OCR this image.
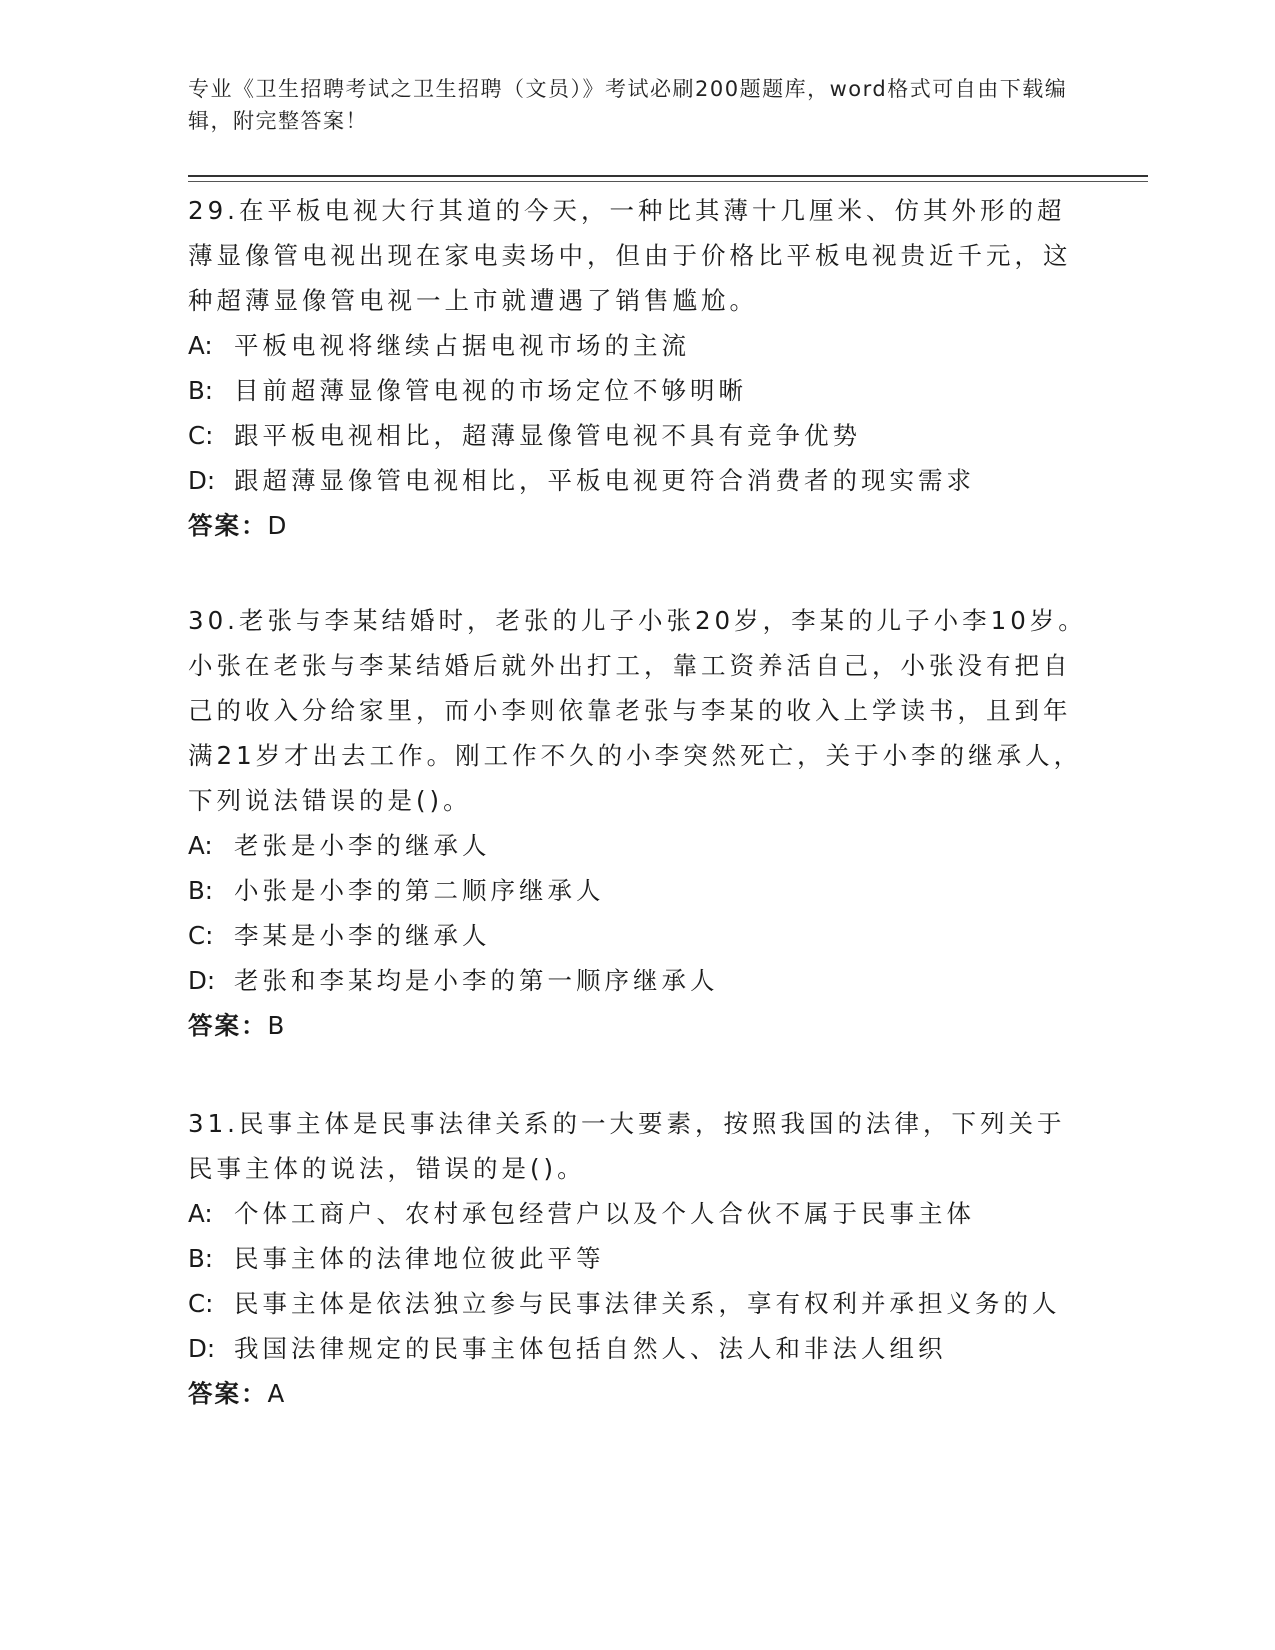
专业《卫生招聘考试之卫生招聘（文员）》考试必刷200题题库，word格式可自由下载编辑，附完整答案！

29.在平板电视大行其道的今天，一种比其薄十几厘米、仿其外形的超薄显像管电视出现在家电卖场中，但由于价格比平板电视贵近千元，这种超薄显像管电视一上市就遭遇了销售尴尬。

A: 平板电视将继续占据电视市场的主流

B: 目前超薄显像管电视的市场定位不够明晰

C: 跟平板电视相比，超薄显像管电视不具有竞争优势

D: 跟超薄显像管电视相比，平板电视更符合消费者的现实需求

答案：D

30.老张与李某结婚时，老张的儿子小张20岁，李某的儿子小李10岁。小张在老张与李某结婚后就外出打工，靠工资养活自己，小张没有把自己的收入分给家里，而小李则依靠老张与李某的收入上学读书，且到年满21岁才出去工作。刚工作不久的小李突然死亡，关于小李的继承人，下列说法错误的是()。

A: 老张是小李的继承人

B: 小张是小李的第二顺序继承人

C: 李某是小李的继承人

D: 老张和李某均是小李的第一顺序继承人

答案：B

31.民事主体是民事法律关系的一大要素，按照我国的法律，下列关于民事主体的说法，错误的是()。

A: 个体工商户、农村承包经营户以及个人合伙不属于民事主体

B: 民事主体的法律地位彼此平等

C: 民事主体是依法独立参与民事法律关系，享有权利并承担义务的人

D: 我国法律规定的民事主体包括自然人、法人和非法人组织

答案：A
